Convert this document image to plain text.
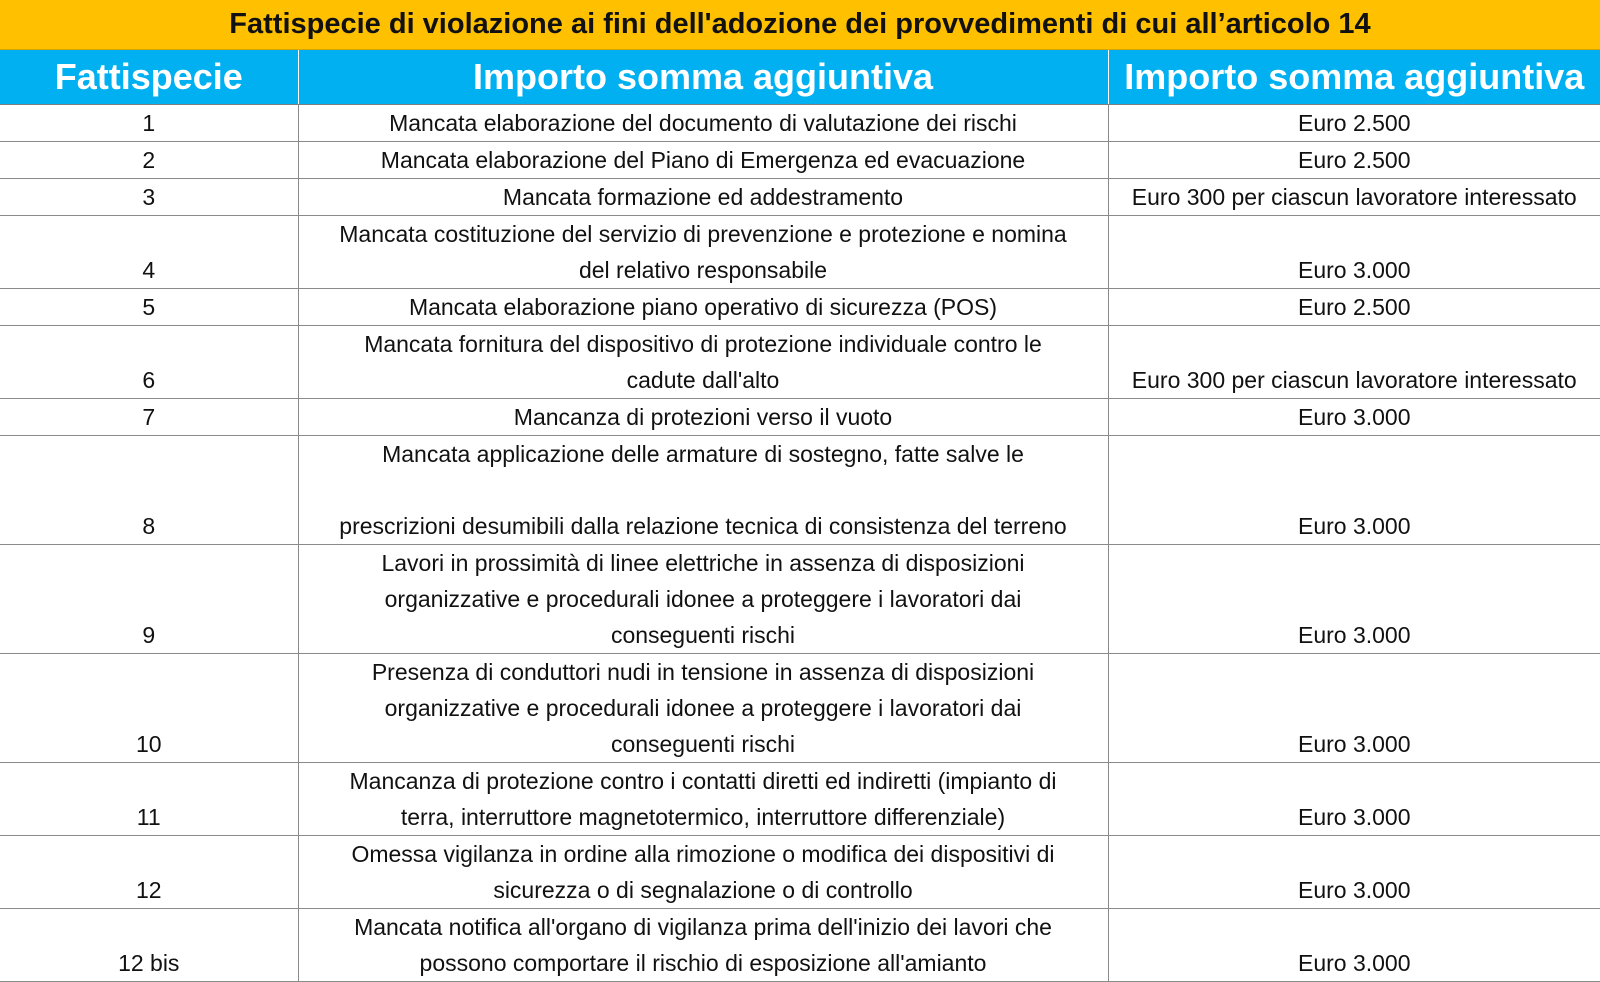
Fattispecie di violazione ai fini dell'adozione dei provvedimenti di cui all’articolo 14
Fattispecie	Importo somma aggiuntiva	Importo somma aggiuntiva
1	Mancata elaborazione del documento di valutazione dei rischi	Euro 2.500
2	Mancata elaborazione del Piano di Emergenza ed evacuazione	Euro 2.500
3	Mancata formazione ed addestramento	Euro 300 per ciascun lavoratore interessato
4	Mancata costituzione del servizio di prevenzione e protezione e nomina
del relativo responsabile	Euro 3.000
5	Mancata elaborazione piano operativo di sicurezza (POS)	Euro 2.500
6	Mancata fornitura del dispositivo di protezione individuale contro le
cadute dall'alto	Euro 300 per ciascun lavoratore interessato
7	Mancanza di protezioni verso il vuoto	Euro 3.000
8	Mancata applicazione delle armature di sostegno, fatte salve le
prescrizioni desumibili dalla relazione tecnica di consistenza del terreno	Euro 3.000
9	Lavori in prossimità di linee elettriche in assenza di disposizioni
organizzative e procedurali idonee a proteggere i lavoratori dai
conseguenti rischi	Euro 3.000
10	Presenza di conduttori nudi in tensione in assenza di disposizioni
organizzative e procedurali idonee a proteggere i lavoratori dai
conseguenti rischi	Euro 3.000
11	Mancanza di protezione contro i contatti diretti ed indiretti (impianto di
terra, interruttore magnetotermico, interruttore differenziale)	Euro 3.000
12	Omessa vigilanza in ordine alla rimozione o modifica dei dispositivi di
sicurezza o di segnalazione o di controllo	Euro 3.000
12 bis	Mancata notifica all'organo di vigilanza prima dell'inizio dei lavori che
possono comportare il rischio di esposizione all'amianto	Euro 3.000
